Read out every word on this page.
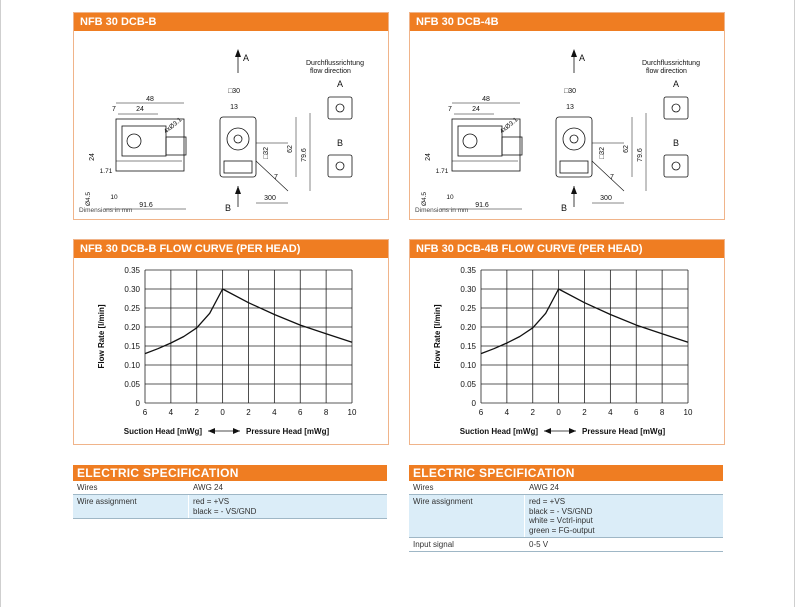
NFB 30 DCB-B
48
7	24
4xØ3.1
24
1.71
Ø4.5	10
91.6
A
B
□30
13
□32 62 79.6
7
300
Durchflussrichtung
flow direction
A
B
Dimensions in mm
NFB 30 DCB-4B
48
7	24
4xØ3.1
24
1.71
Ø4.5	10
91.6
A
B
□30
13
□32 62 79.6
7
300
Durchflussrichtung
flow direction
A
B
Dimensions in mm
NFB 30 DCB-B FLOW CURVE (PER HEAD)
6	4	2	0	2	4	6	8 10
0
0.05
0.10
0.15
0.20
0.25
0.30
0.35
Flow Rate [l/min]
Suction Head [mWg]	Pressure Head [mWg]
NFB 30 DCB-4B FLOW CURVE (PER HEAD)
6	4	2	0	2	4	6	8 10
0
0.05
0.10
0.15
0.20
0.25
0.30
0.35
Flow Rate [l/min]
Suction Head [mWg]	Pressure Head [mWg]
ELECTRIC SPECIFICATION
Wires	AWG 24
Wire assignment	red = +VS
black = - VS/GND
ELECTRIC SPECIFICATION
Wires	AWG 24
Wire assignment	red = +VS
black = - VS/GND
white = Vctrl-input
green = FG-output
Input signal	0-5 V
